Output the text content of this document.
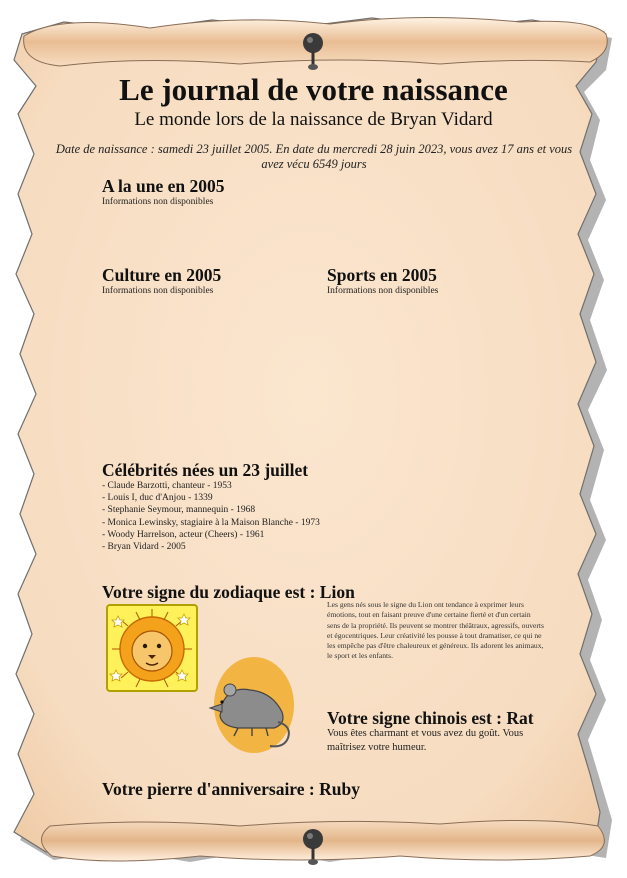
Le journal de votre naissance
Le monde lors de la naissance de Bryan Vidard
Date de naissance : samedi 23 juillet 2005. En date du mercredi 28 juin 2023, vous avez 17 ans et vous avez vécu 6549 jours
A la une en 2005
Informations non disponibles
Culture en 2005
Informations non disponibles
Sports en 2005
Informations non disponibles
Célébrités nées un 23 juillet
- Claude Barzotti, chanteur - 1953
- Louis I, duc d'Anjou - 1339
- Stephanie Seymour, mannequin - 1968
- Monica Lewinsky, stagiaire à la Maison Blanche - 1973
- Woody Harrelson, acteur (Cheers) - 1961
- Bryan Vidard - 2005
Votre signe du zodiaque est : Lion
Les gens nés sous le signe du Lion ont tendance à exprimer leurs émotions, tout en faisant preuve d'une certaine fierté et d'un certain sens de la propriété. Ils peuvent se montrer théâtraux, agressifs, ouverts et égocentriques. Leur créativité les pousse à tout dramatiser, ce qui ne les empêche pas d'être chaleureux et généreux. Ils adorent les animaux, le sport et les enfants.
Votre signe chinois est : Rat
Vous êtes charmant et vous avez du goût. Vous maîtrisez votre humeur.
Votre pierre d'anniversaire : Ruby
